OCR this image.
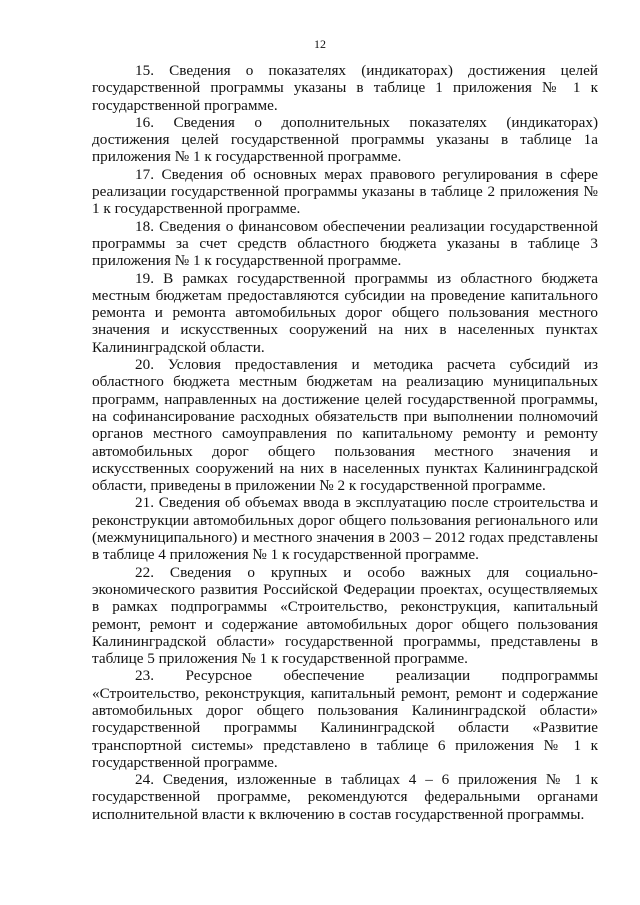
12

15. Сведения о показателях (индикаторах) достижения целей государственной программы указаны в таблице 1 приложения № 1 к государственной программе.

16. Сведения о дополнительных показателях (индикаторах) достижения целей государственной программы указаны в таблице 1а приложения № 1 к государственной программе.

17. Сведения об основных мерах правового регулирования в сфере реализации государственной программы указаны в таблице 2 приложения № 1 к государственной программе.

18. Сведения о финансовом обеспечении реализации государственной программы за счет средств областного бюджета указаны в таблице 3 приложения № 1 к государственной программе.

19. В рамках государственной программы из областного бюджета местным бюджетам предоставляются субсидии на проведение капитального ремонта и ремонта автомобильных дорог общего пользования местного значения и искусственных сооружений на них в населенных пунктах Калининградской области.

20. Условия предоставления и методика расчета субсидий из областного бюджета местным бюджетам на реализацию муниципальных программ, направленных на достижение целей государственной программы, на софинансирование расходных обязательств при выполнении полномочий органов местного самоуправления по капитальному ремонту и ремонту автомобильных дорог общего пользования местного значения и искусственных сооружений на них в населенных пунктах Калининградской области, приведены в приложении № 2 к государственной программе.

21. Сведения об объемах ввода в эксплуатацию после строительства и реконструкции автомобильных дорог общего пользования регионального или (межмуниципального) и местного значения в 2003 – 2012 годах представлены в таблице 4 приложения № 1 к государственной программе.

22. Сведения о крупных и особо важных для социально-экономического развития Российской Федерации проектах, осуществляемых в рамках подпрограммы «Строительство, реконструкция, капитальный ремонт, ремонт и содержание автомобильных дорог общего пользования Калининградской области» государственной программы, представлены в таблице 5 приложения № 1 к государственной программе.

23. Ресурсное обеспечение реализации подпрограммы «Строительство, реконструкция, капитальный ремонт, ремонт и содержание автомобильных дорог общего пользования Калининградской области» государственной программы Калининградской области «Развитие транспортной системы» представлено в таблице 6 приложения № 1 к государственной программе.

24. Сведения, изложенные в таблицах 4 – 6 приложения № 1 к государственной программе, рекомендуются федеральными органами исполнительной власти к включению в состав государственной программы.
